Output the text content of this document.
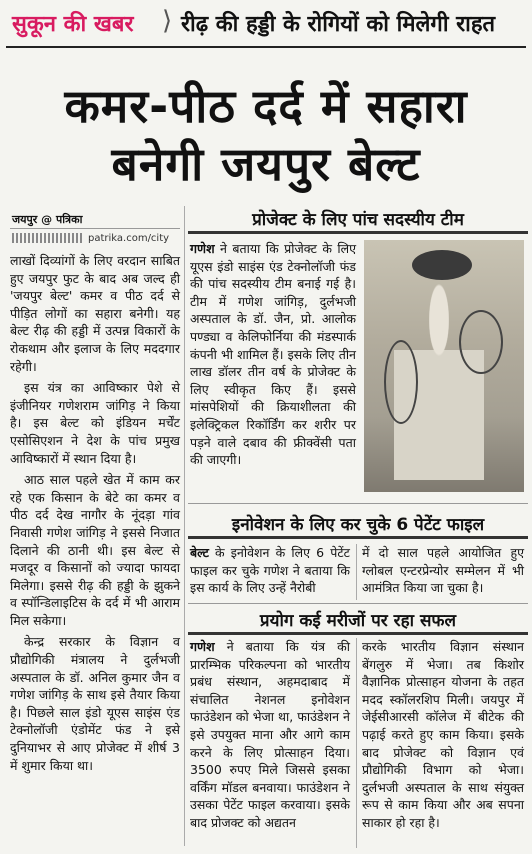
सुकून की खबर ⟩ रीढ़ की हड्डी के रोगियों को मिलेगी राहत
कमर-पीठ दर्द में सहारा
बनेगी जयपुर बेल्ट
जयपुर @ पत्रिका
patrika.com/city

लाखों दिव्यांगों के लिए वरदान साबित हुए जयपुर फुट के बाद अब जल्द ही 'जयपुर बेल्ट' कमर व पीठ दर्द से पीड़ित लोगों का सहारा बनेगी। यह बेल्ट रीढ़ की हड्डी में उत्पन्न विकारों के रोकथाम और इलाज के लिए मददगार रहेगी।

इस यंत्र का आविष्कार पेशे से इंजीनियर गणेशराम जांगिड़ ने किया है। इस बेल्ट को इंडियन मर्चेंट एसोसिएशन ने देश के पांच प्रमुख आविष्कारों में स्थान दिया है।

आठ साल पहले खेत में काम कर रहे एक किसान के बेटे का कमर व पीठ दर्द देख नागौर के नूंदड़ा गांव निवासी गणेश जांगिड़ ने इससे निजात दिलाने की ठानी थी। इस बेल्ट से मजदूर व किसानों को ज्यादा फायदा मिलेगा। इससे रीढ़ की हड्डी के झुकने व स्पॉन्डिलाइटिस के दर्द में भी आराम मिल सकेगा।

केन्द्र सरकार के विज्ञान व प्रौद्योगिकी मंत्रालय ने दुर्लभजी अस्पताल के डॉ. अनिल कुमार जैन व गणेश जांगिड़ के साथ इसे तैयार किया है। पिछले साल इंडो यूएस साइंस एंड टेक्नोलॉजी एंडोमेंट फंड ने इसे दुनियाभर से आए प्रोजेक्ट में शीर्ष 3 में शुमार किया था।

प्रोजेक्ट के लिए पांच सदस्यीय टीम

गणेश ने बताया कि प्रोजेक्ट के लिए यूएस इंडो साइंस एंड टेक्नोलॉजी फंड की पांच सदस्यीय टीम बनाई गई है। टीम में गणेश जांगिड़, दुर्लभजी अस्पताल के डॉ. जैन, प्रो. आलोक पण्ड्या व केलिफोर्निया की मंडस्पार्क कंपनी भी शामिल हैं। इसके लिए तीन लाख डॉलर तीन वर्ष के प्रोजेक्ट के लिए स्वीकृत किए हैं। इससे मांसपेशियों की क्रियाशीलता की इलेक्ट्रिकल रिकॉर्डिंग कर शरीर पर पड़ने वाले दबाव की फ्रीक्वेंसी पता की जाएगी।

इनोवेशन के लिए कर चुके 6 पेटेंट फाइल

बेल्ट के इनोवेशन के लिए 6 पेटेंट फाइल कर चुके गणेश ने बताया कि इस कार्य के लिए उन्हें नैरोबी

में दो साल पहले आयोजित हुए ग्लोबल एन्टरप्रेन्योर सम्मेलन में भी आमंत्रित किया जा चुका है।

प्रयोग कई मरीजों पर रहा सफल

गणेश ने बताया कि यंत्र की प्रारम्भिक परिकल्पना को भारतीय प्रबंध संस्थान, अहमदाबाद में संचालित नेशनल इनोवेशन फाउंडेशन को भेजा था, फाउंडेशन ने इसे उपयुक्त माना और आगे काम करने के लिए प्रोत्साहन दिया। 3500 रुपए मिले जिससे इसका वर्किंग मॉडल बनवाया। फाउंडेशन ने उसका पेटेंट फाइल करवाया। इसके बाद प्रोजक्ट को अद्यतन

करके भारतीय विज्ञान संस्थान बेंगलुरु में भेजा। तब किशोर वैज्ञानिक प्रोत्साहन योजना के तहत मदद स्कॉलरशिप मिली। जयपुर में जेईसीआरसी कॉलेज में बीटेक की पढ़ाई करते हुए काम किया। इसके बाद प्रोजेक्ट को विज्ञान एवं प्रौद्योगिकी विभाग को भेजा। दुर्लभजी अस्पताल के साथ संयुक्त रूप से काम किया और अब सपना साकार हो रहा है।
